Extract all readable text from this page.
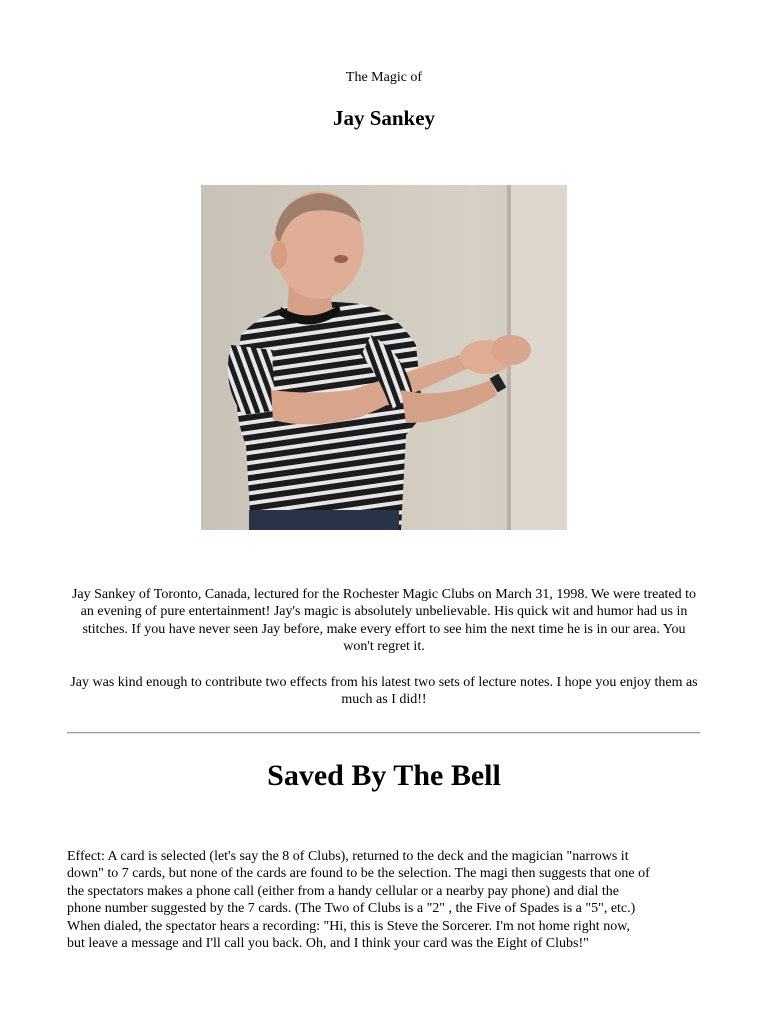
The Magic of
Jay Sankey
Jay Sankey of Toronto, Canada, lectured for the Rochester Magic Clubs on March 31, 1998. We were treated to an evening of pure entertainment! Jay's magic is absolutely unbelievable. His quick wit and humor had us in stitches. If you have never seen Jay before, make every effort to see him the next time he is in our area. You won't regret it.
Jay was kind enough to contribute two effects from his latest two sets of lecture notes. I hope you enjoy them as much as I did!!
Saved By The Bell
Effect: A card is selected (let's say the 8 of Clubs), returned to the deck and the magician "narrows it
down" to 7 cards, but none of the cards are found to be the selection. The magi then suggests that one of
the spectators makes a phone call (either from a handy cellular or a nearby pay phone) and dial the
phone number suggested by the 7 cards. (The Two of Clubs is a "2" , the Five of Spades is a "5", etc.)
When dialed, the spectator hears a recording: "Hi, this is Steve the Sorcerer. I'm not home right now,
but leave a message and I'll call you back. Oh, and I think your card was the Eight of Clubs!"
